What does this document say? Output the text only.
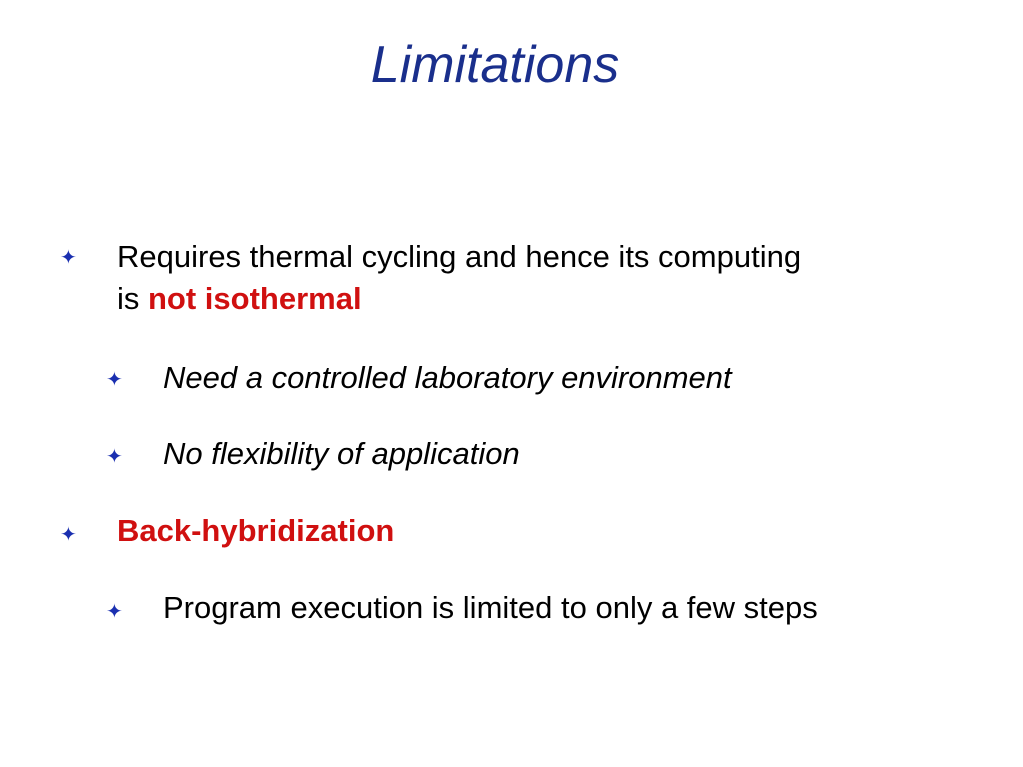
Limitations
✦ Requires thermal cycling and hence its computing
is not isothermal
✦ Need a controlled laboratory environment
✦ No flexibility of application
✦ Back-hybridization
✦ Program execution is limited to only a few steps
